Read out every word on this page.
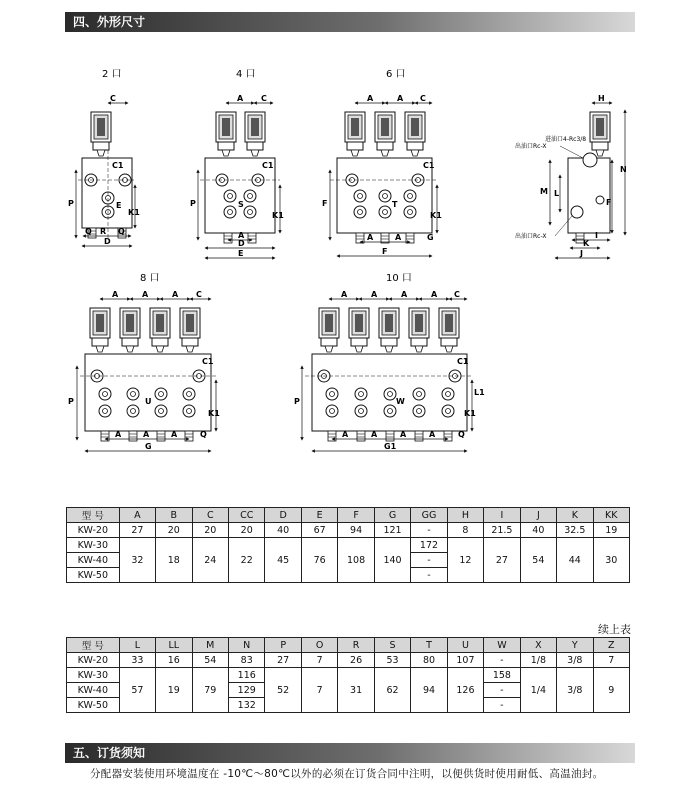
四、外形尺寸
2 口
C
C1
P
K1
E
Q R Q
D
4 口
A C
C1
P
K1
S
A
D
E
6 口
A	A C
C1
F
K1
T
A	A	G
F
H
N
F
M L
出油口Rc-X
进油口4-Rc3/8
出油口Rc-X	I
K
J
8 口
A	A	A C
C1
P
K1
U
A	A	A	Q
G
10 口
A	A	A	A C
C1
P
K1
L1
W
A	A	A	A	Q
G1
型 号	A	B	C	CC	D	E	F	G	GG	H	I	J	K	KK
KW-20	27	20	20	20	40	67	94	121	-	8	21.5	40	32.5	19
KW-30	32	18	24	22	45	76	108	140	172	12	27	54	44	30
KW-40									-					
KW-50									-					
续上表
型 号	L	LL	M	N	P	O	R	S	T	U	W	X	Y	Z
KW-20	33	16	54	83	27	7	26	53	80	107	-	1/8	3/8	7
KW-30	57	19	79	116	52	7	31	62	94	126	158	1/4	3/8	9
KW-40				129							-			
KW-50				132							-			
五、订货须知
分配器安装使用环境温度在 -10℃～80℃以外的必须在订货合同中注明，以便供货时使用耐低、高温油封。
